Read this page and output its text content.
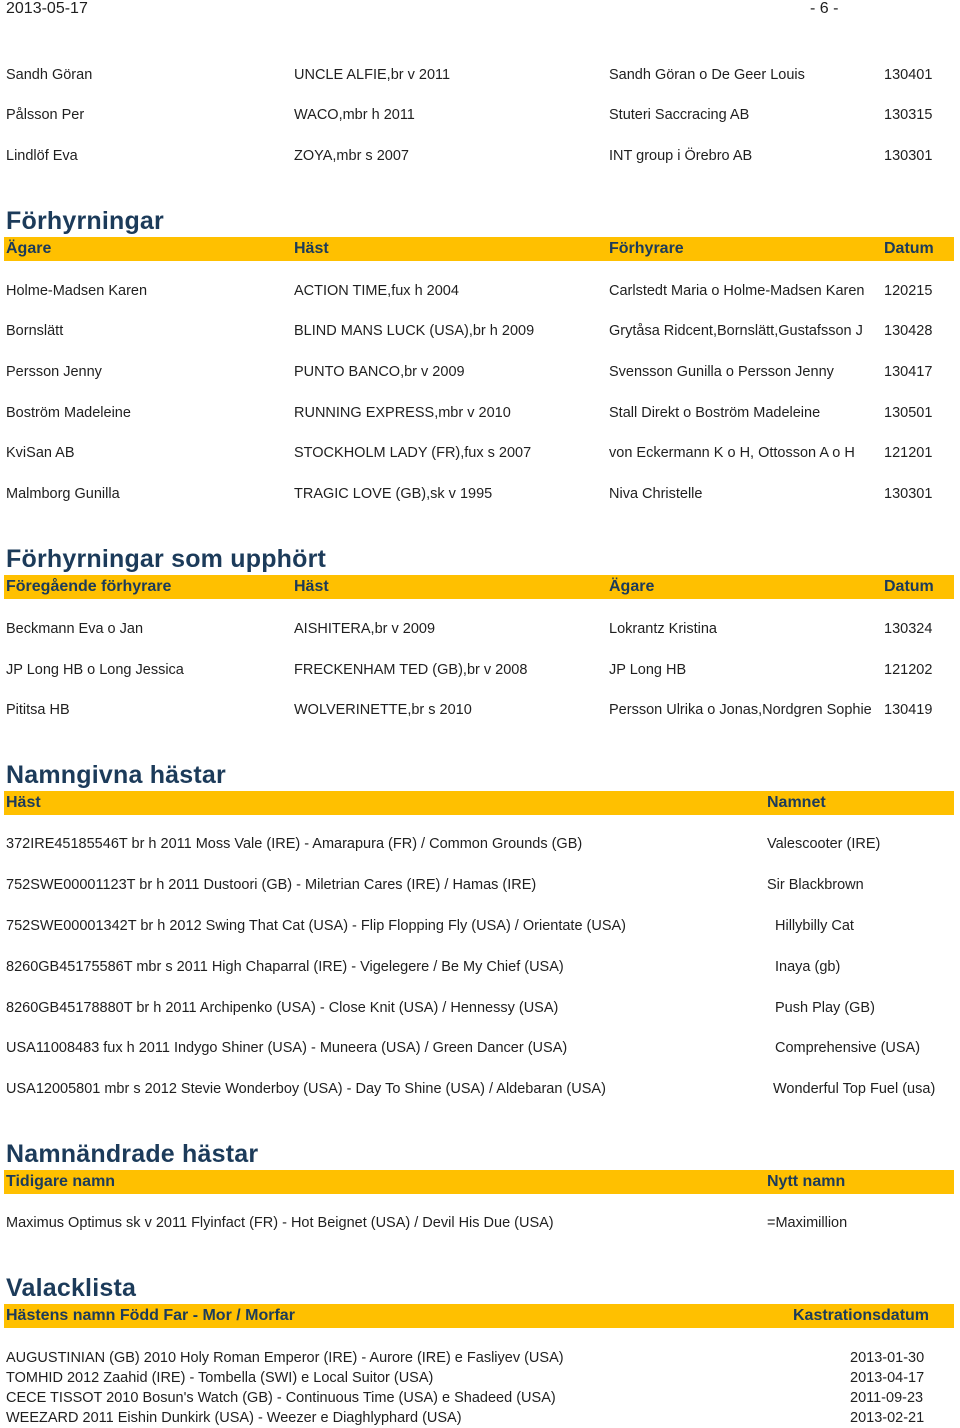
2013-05-17	- 6 -
Sandh Göran	UNCLE ALFIE,br v 2011	Sandh Göran o De Geer Louis	130401
Pålsson Per	WACO,mbr h 2011	Stuteri Saccracing AB	130315
Lindlöf Eva	ZOYA,mbr s 2007	INT group i Örebro AB	130301
Förhyrningar
Ägare	Häst	Förhyrare	Datum
Holme-Madsen Karen	ACTION TIME,fux h 2004	Carlstedt Maria o Holme-Madsen Karen 120215
Bornslätt	BLIND MANS LUCK (USA),br h 2009	Grytåsa Ridcent,Bornslätt,Gustafsson J 130428
Persson Jenny	PUNTO BANCO,br v 2009	Svensson Gunilla o Persson Jenny	130417
Boström Madeleine	RUNNING EXPRESS,mbr v 2010	Stall Direkt o Boström Madeleine	130501
KviSan AB	STOCKHOLM LADY (FR),fux s 2007	von Eckermann K o H, Ottosson A o H 121201
Malmborg Gunilla	TRAGIC LOVE (GB),sk v 1995	Niva Christelle	130301
Förhyrningar som upphört
Föregående förhyrare	Häst	Ägare	Datum
Beckmann Eva o Jan	AISHITERA,br v 2009	Lokrantz Kristina	130324
JP Long HB o Long Jessica	FRECKENHAM TED (GB),br v 2008	JP Long HB	121202
Pititsa HB	WOLVERINETTE,br s 2010	Persson Ulrika o Jonas,Nordgren Sophie 130419
Namngivna hästar
Häst	Namnet
372IRE45185546T br h 2011 Moss Vale (IRE) - Amarapura (FR) / Common Grounds (GB)	Valescooter (IRE)
752SWE00001123T br h 2011 Dustoori (GB) - Miletrian Cares (IRE) / Hamas (IRE)	Sir Blackbrown
752SWE00001342T br h 2012 Swing That Cat (USA) - Flip Flopping Fly (USA) / Orientate (USA)	Hillybilly Cat
8260GB45175586T mbr s 2011 High Chaparral (IRE) - Vigelegere / Be My Chief (USA)	Inaya (gb)
8260GB45178880T br h 2011 Archipenko (USA) - Close Knit (USA) / Hennessy (USA)	Push Play (GB)
USA11008483 fux h 2011 Indygo Shiner (USA) - Muneera (USA) / Green Dancer (USA)	Comprehensive (USA)
USA12005801 mbr s 2012 Stevie Wonderboy (USA) - Day To Shine (USA) / Aldebaran (USA)	Wonderful Top Fuel (usa)
Namnändrade hästar
Tidigare namn	Nytt namn
Maximus Optimus sk v 2011 Flyinfact (FR) - Hot Beignet (USA) / Devil His Due (USA)	=Maximillion
Valacklista
Hästens namn Född Far - Mor / Morfar	Kastrationsdatum
AUGUSTINIAN (GB) 2010 Holy Roman Emperor (IRE) - Aurore (IRE) e Fasliyev (USA)	2013-01-30
TOMHID 2012 Zaahid (IRE) - Tombella (SWI) e Local Suitor (USA)	2013-04-17
CECE TISSOT 2010 Bosun's Watch (GB) - Continuous Time (USA) e Shadeed (USA)	2011-09-23
WEEZARD 2011 Eishin Dunkirk (USA) - Weezer e Diaghlyphard (USA)	2013-02-21
